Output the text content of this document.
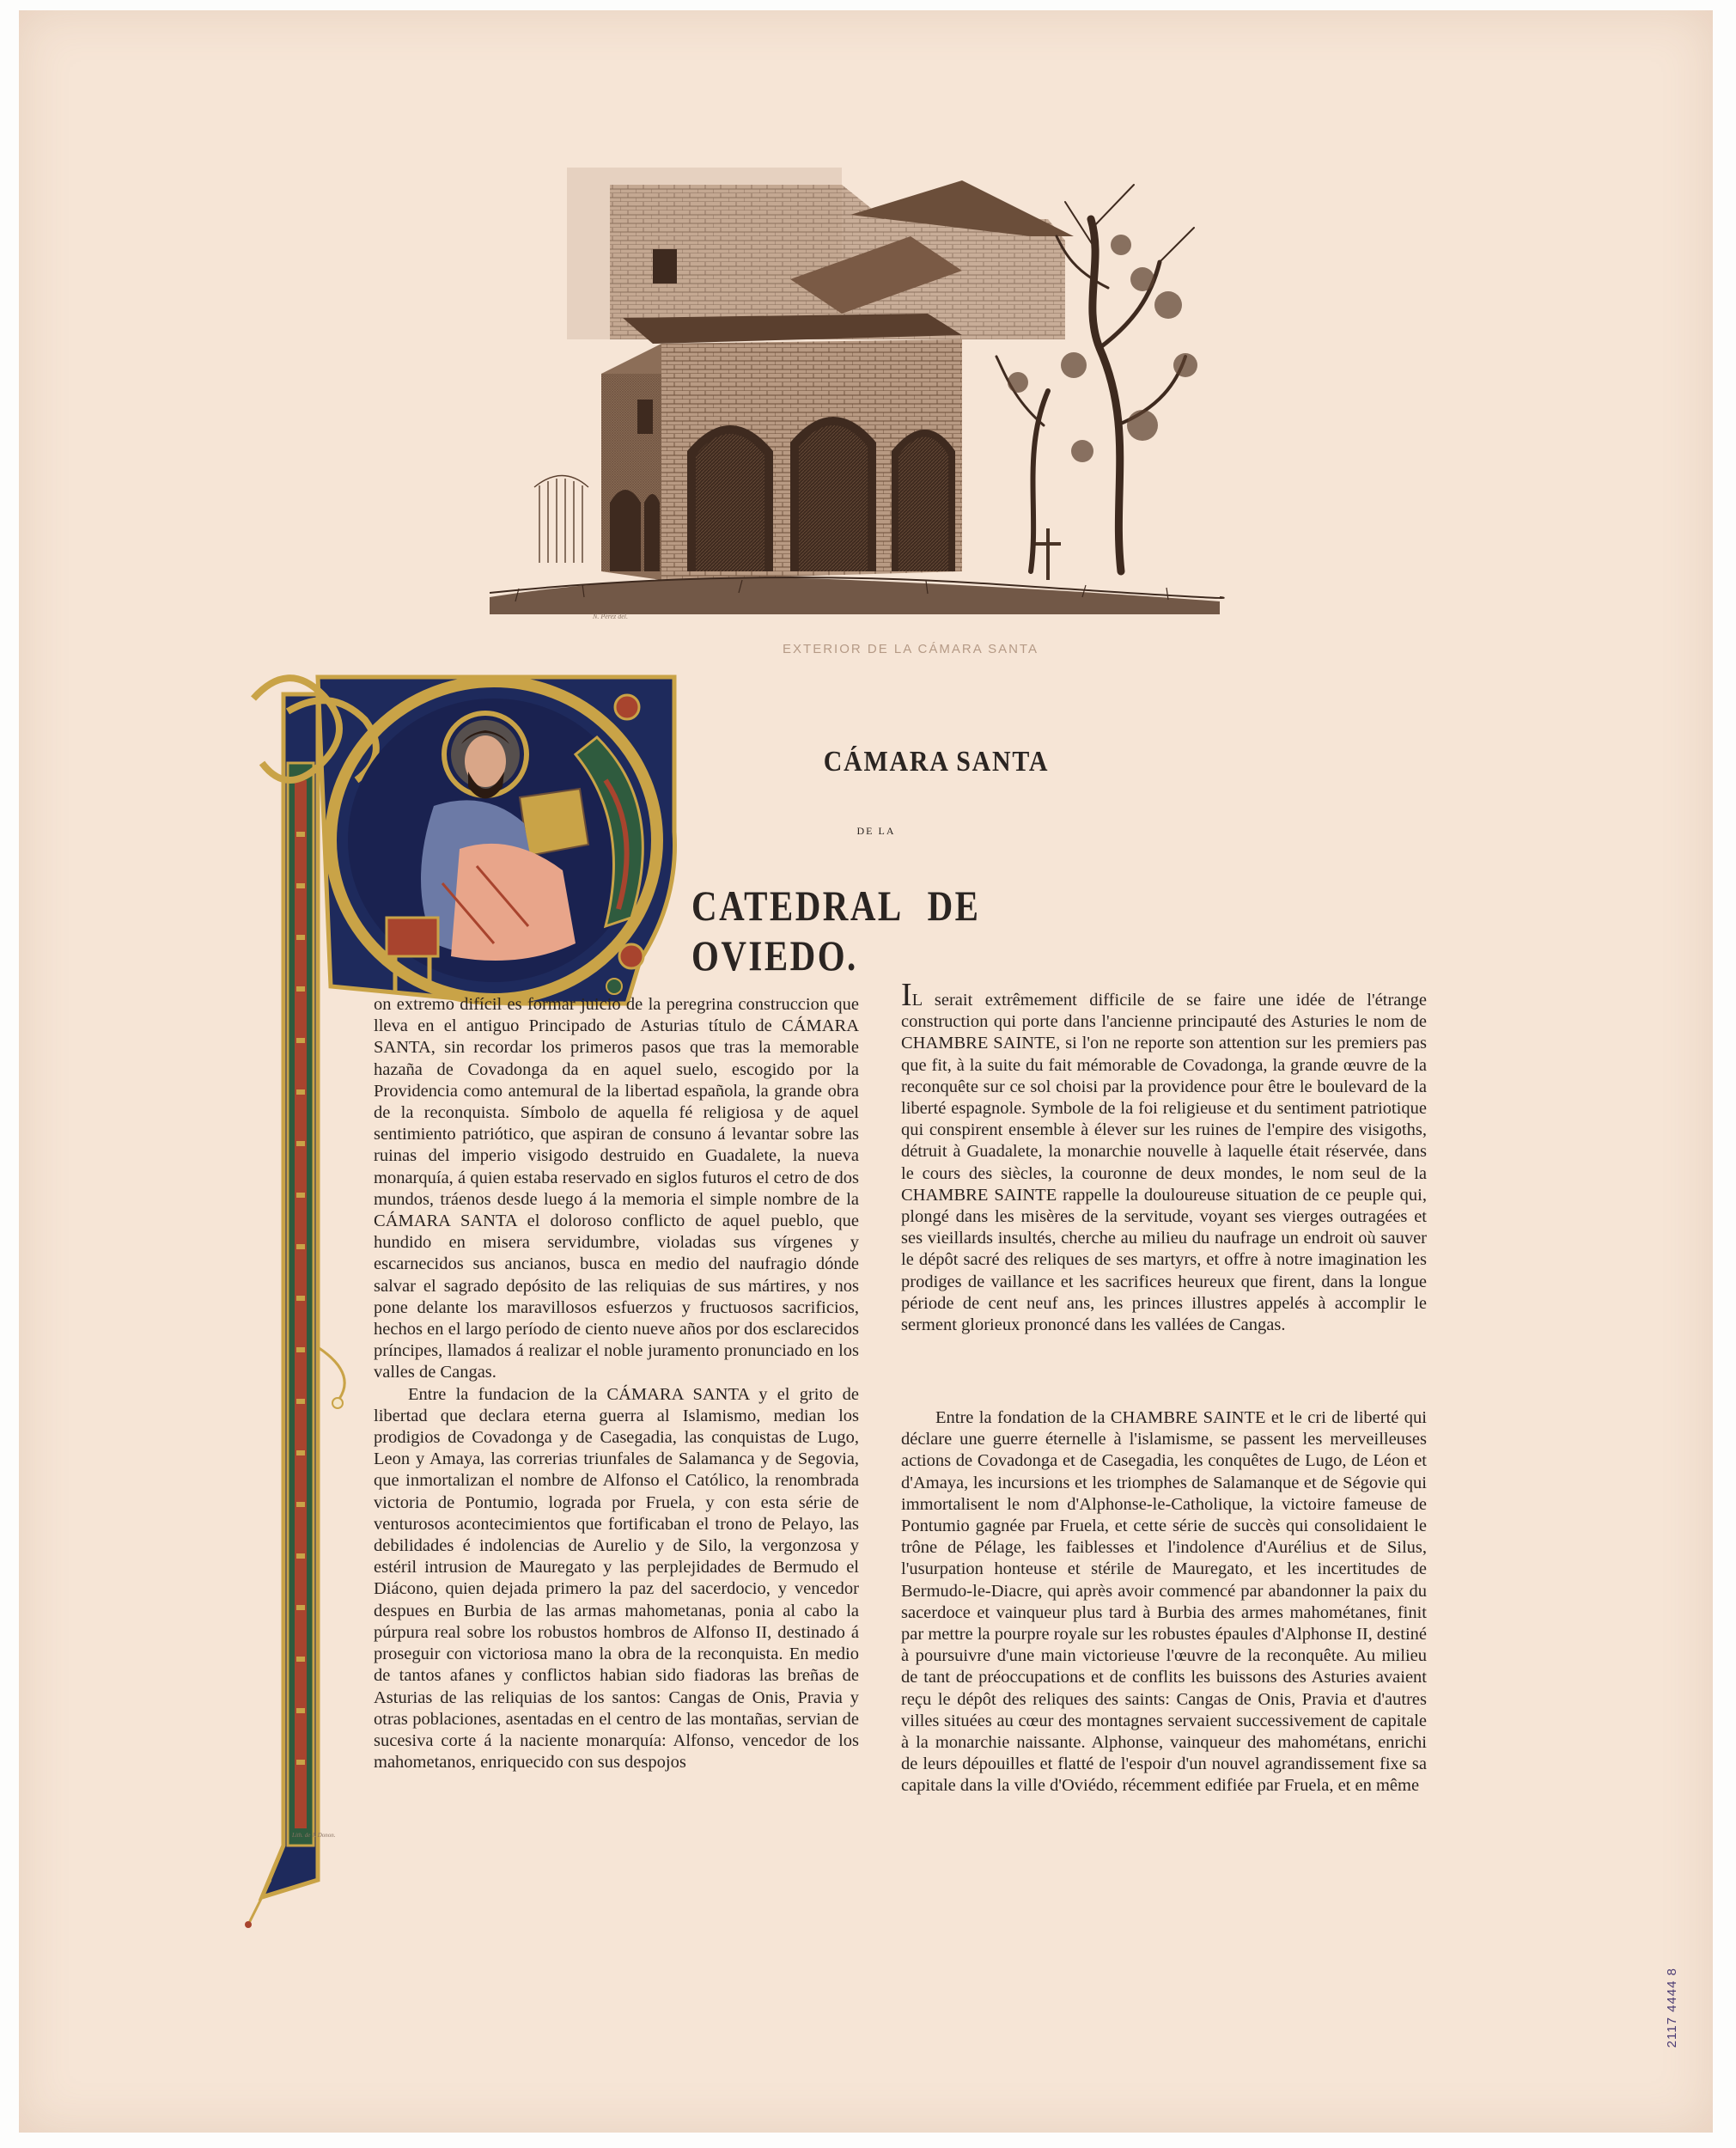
N. Pérez del.
EXTERIOR DE LA CÁMARA SANTA
CÁMARA SANTA
DE LA
CATEDRAL DEOVIEDO.

on extremo difícil es formar juicio de la peregrina construccion que lleva en el antiguo Principado de Asturias título de CÁMARA SANTA, sin recordar los primeros pasos que tras la memorable hazaña de Covadonga da en aquel suelo, escogido por la Providencia como antemural de la libertad española, la grande obra de la reconquista. Símbolo de aquella fé religiosa y de aquel sentimiento patriótico, que aspiran de consuno á levantar sobre las ruinas del imperio visigodo destruido en Guadalete, la nueva monarquía, á quien estaba reservado en siglos futuros el cetro de dos mundos, tráenos desde luego á la memoria el simple nombre de la CÁMARA SANTA el doloroso conflicto de aquel pueblo, que hundido en misera servidumbre, violadas sus vírgenes y escarnecidos sus ancianos, busca en medio del naufragio dónde salvar el sagrado depósito de las reliquias de sus mártires, y nos pone delante los maravillosos esfuerzos y fructuosos sacrificios, hechos en el largo período de ciento nueve años por dos esclarecidos príncipes, llamados á realizar el noble juramento pronunciado en los valles de Cangas.

Entre la fundacion de la CÁMARA SANTA y el grito de libertad que declara eterna guerra al Islamismo, median los prodigios de Covadonga y de Casegadia, las conquistas de Lugo, Leon y Amaya, las correrias triunfales de Salamanca y de Segovia, que inmortalizan el nombre de Alfonso el Católico, la renombrada victoria de Pontumio, lograda por Fruela, y con esta série de venturosos acontecimientos que fortificaban el trono de Pelayo, las debilidades é indolencias de Aurelio y de Silo, la vergonzosa y estéril intrusion de Mauregato y las perplejidades de Bermudo el Diácono, quien dejada primero la paz del sacerdocio, y vencedor despues en Burbia de las armas mahometanas, ponia al cabo la púrpura real sobre los robustos hombros de Alfonso II, destinado á proseguir con victoriosa mano la obra de la reconquista. En medio de tantos afanes y conflictos habian sido fiadoras las breñas de Asturias de las reliquias de los santos: Cangas de Onis, Pravia y otras poblaciones, asentadas en el centro de las montañas, servian de sucesiva corte á la naciente monarquía: Alfonso, vencedor de los mahometanos, enriquecido con sus despojos

IL serait extrêmement difficile de se faire une idée de l'étrange construction qui porte dans l'ancienne principauté des Asturies le nom de CHAMBRE SAINTE, si l'on ne reporte son attention sur les premiers pas que fit, à la suite du fait mémorable de Covadonga, la grande œuvre de la reconquête sur ce sol choisi par la providence pour être le boulevard de la liberté espagnole. Symbole de la foi religieuse et du sentiment patriotique qui conspirent ensemble à élever sur les ruines de l'empire des visigoths, détruit à Guadalete, la monarchie nouvelle à laquelle était réservée, dans le cours des siècles, la couronne de deux mondes, le nom seul de la CHAMBRE SAINTE rappelle la douloureuse situation de ce peuple qui, plongé dans les misères de la servitude, voyant ses vierges outragées et ses vieillards insultés, cherche au milieu du naufrage un endroit où sauver le dépôt sacré des reliques de ses martyrs, et offre à notre imagination les prodiges de vaillance et les sacrifices heureux que firent, dans la longue période de cent neuf ans, les princes illustres appelés à accomplir le serment glorieux prononcé dans les vallées de Cangas.

Entre la fondation de la CHAMBRE SAINTE et le cri de liberté qui déclare une guerre éternelle à l'islamisme, se passent les merveilleuses actions de Covadonga et de Casegadia, les conquêtes de Lugo, de Léon et d'Amaya, les incursions et les triomphes de Salamanque et de Ségovie qui immortalisent le nom d'Alphonse-le-Catholique, la victoire fameuse de Pontumio gagnée par Fruela, et cette série de succès qui consolidaient le trône de Pélage, les faiblesses et l'indolence d'Aurélius et de Silus, l'usurpation honteuse et stérile de Mauregato, et les incertitudes de Bermudo-le-Diacre, qui après avoir commencé par abandonner la paix du sacerdoce et vainqueur plus tard à Burbia des armes mahométanes, finit par mettre la pourpre royale sur les robustes épaules d'Alphonse II, destiné à poursuivre d'une main victorieuse l'œuvre de la reconquête. Au milieu de tant de préoccupations et de conflits les buissons des Asturies avaient reçu le dépôt des reliques des saints: Cangas de Onis, Pravia et d'autres villes situées au cœur des montagnes servaient successivement de capitale à la monarchie naissante. Alphonse, vainqueur des mahométans, enrichi de leurs dépouilles et flatté de l'espoir d'un nouvel agrandissement fixe sa capitale dans la ville d'Oviédo, récemment edifiée par Fruela, et en même

Lith. de J. Donon.
2117 4444 8
